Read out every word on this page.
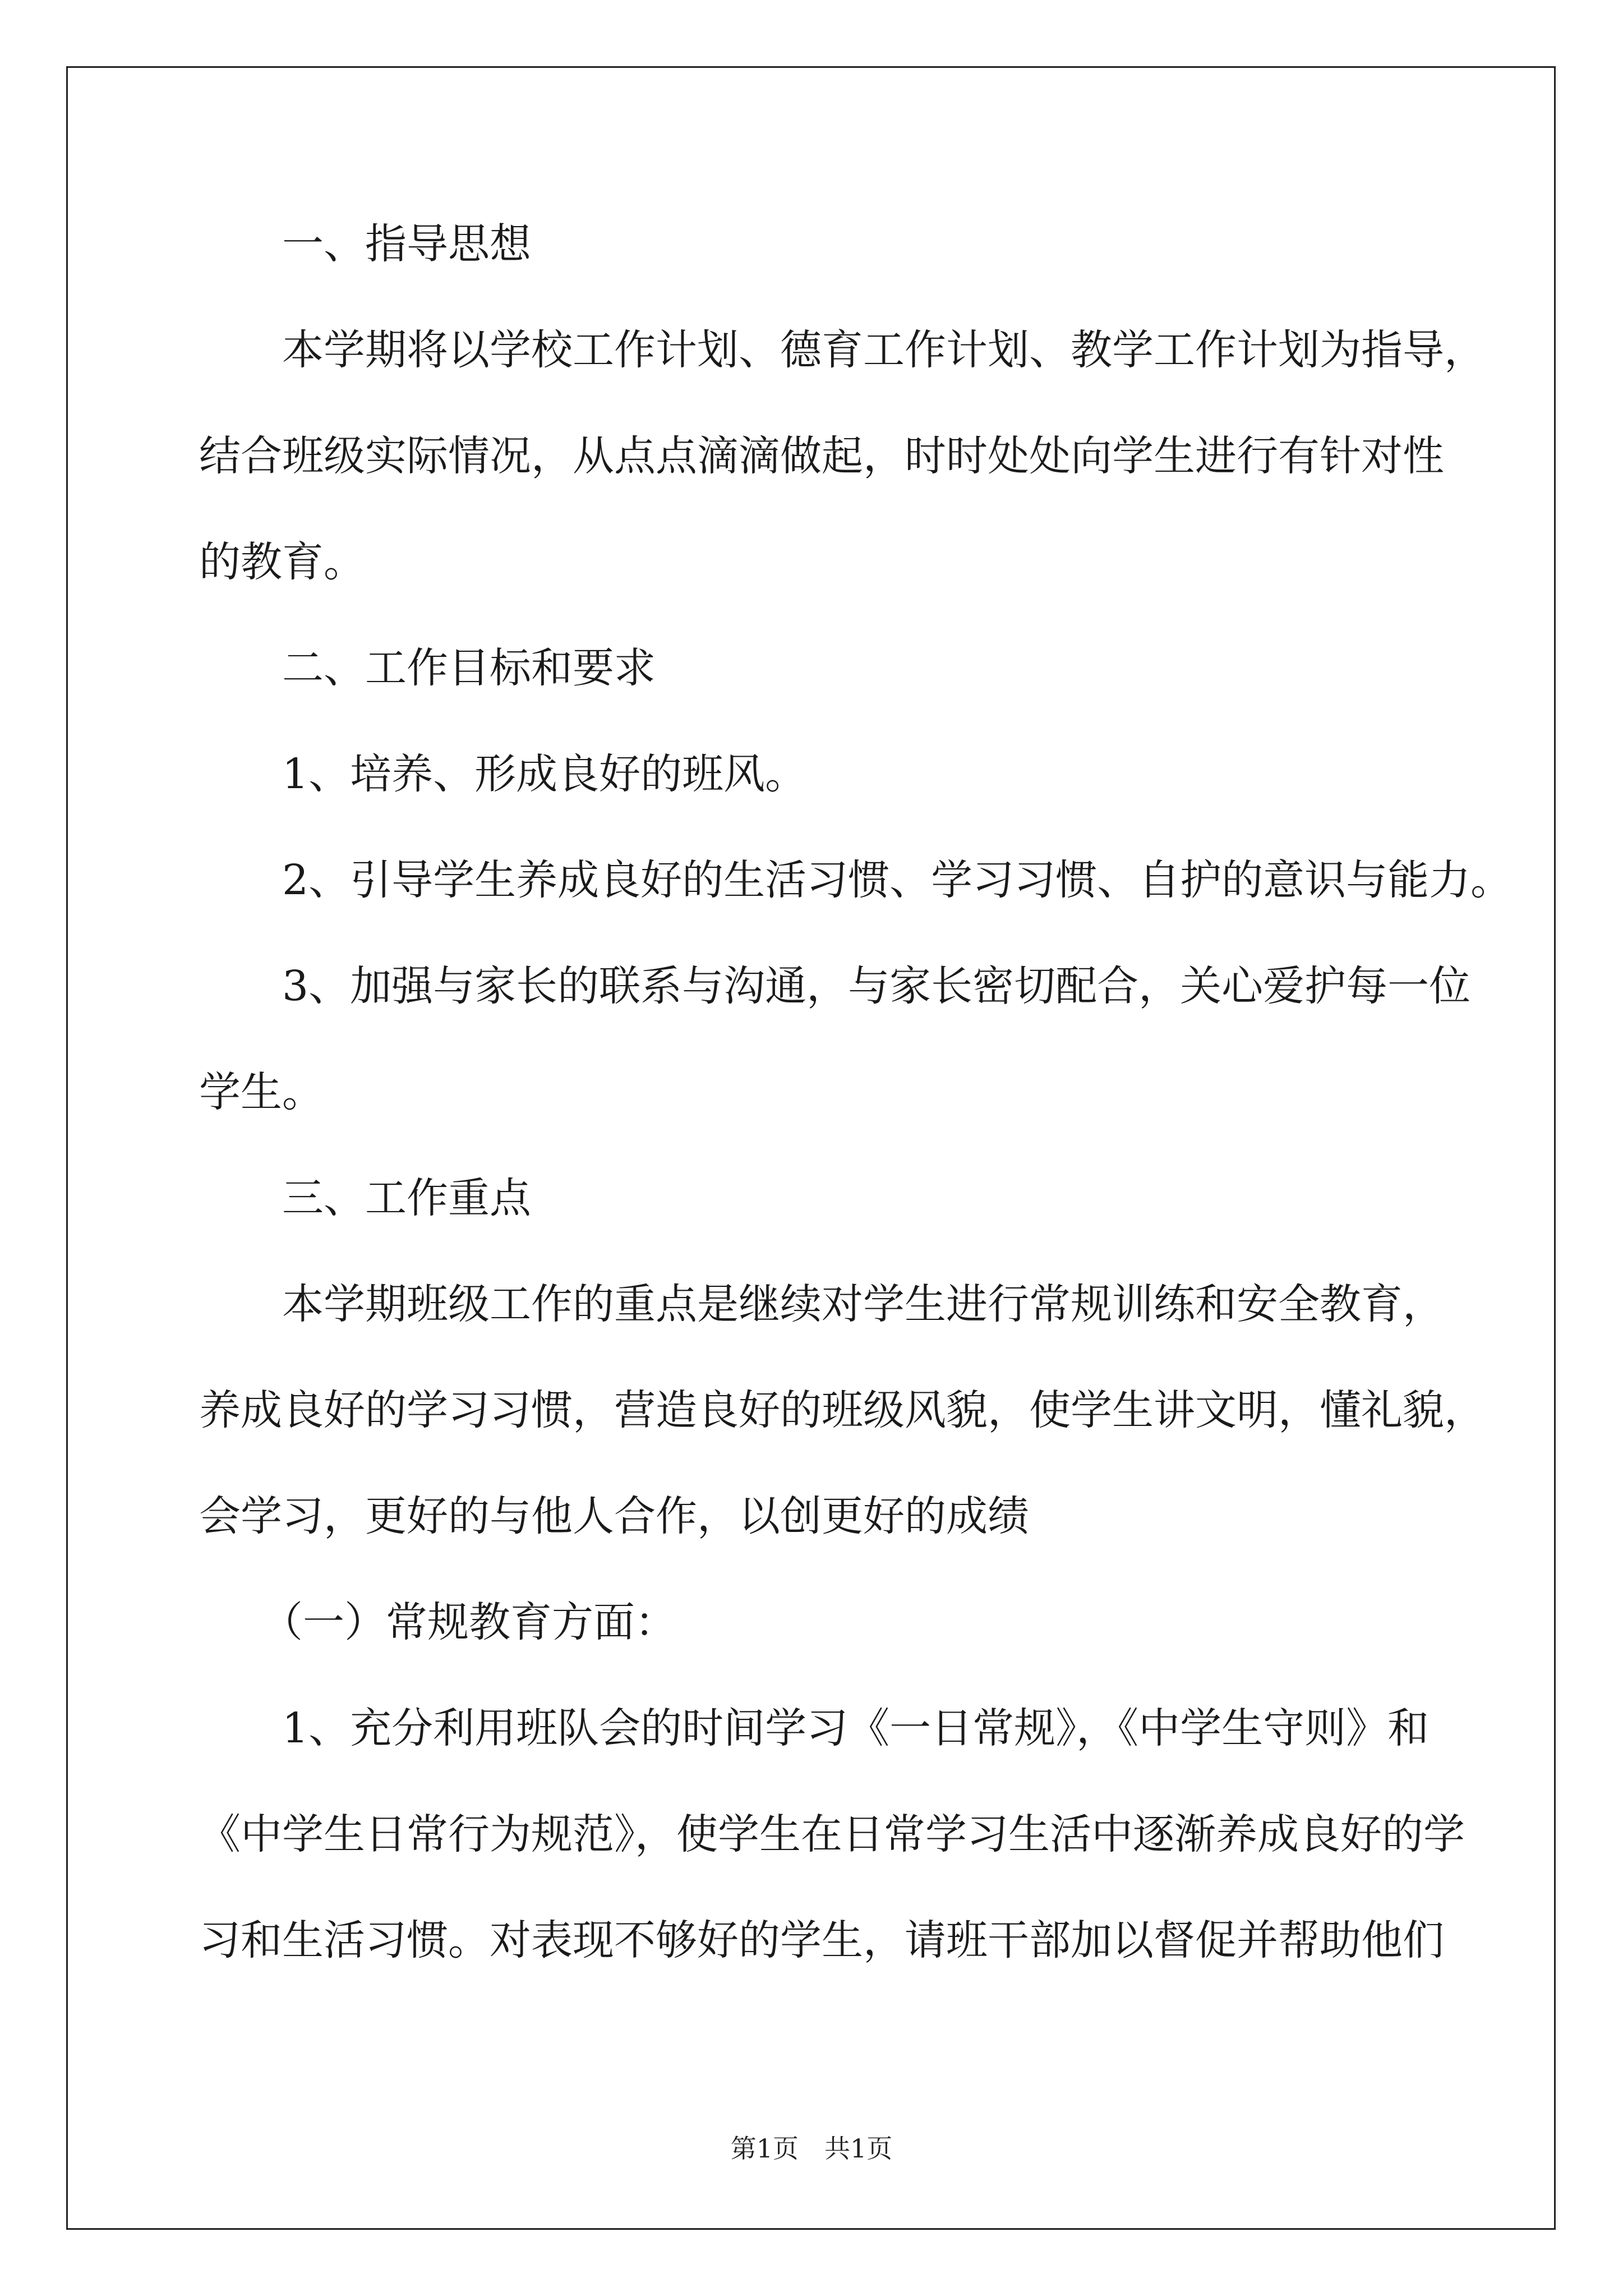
　　一、指导思想
　　本学期将以学校工作计划、德育工作计划、教学工作计划为指导，
结合班级实际情况，从点点滴滴做起，时时处处向学生进行有针对性
的教育。
　　二、工作目标和要求
　　1、培养、形成良好的班风。
　　2、引导学生养成良好的生活习惯、学习习惯、自护的意识与能力。
　　3、加强与家长的联系与沟通，与家长密切配合，关心爱护每一位
学生。
　　三、工作重点
　　本学期班级工作的重点是继续对学生进行常规训练和安全教育，
养成良好的学习习惯，营造良好的班级风貌，使学生讲文明，懂礼貌，
会学习，更好的与他人合作，以创更好的成绩
　　（一）常规教育方面：
　　1、充分利用班队会的时间学习《一日常规》，《中学生守则》和
《中学生日常行为规范》，使学生在日常学习生活中逐渐养成良好的学
习和生活习惯。对表现不够好的学生，请班干部加以督促并帮助他们
第1页　共1页
